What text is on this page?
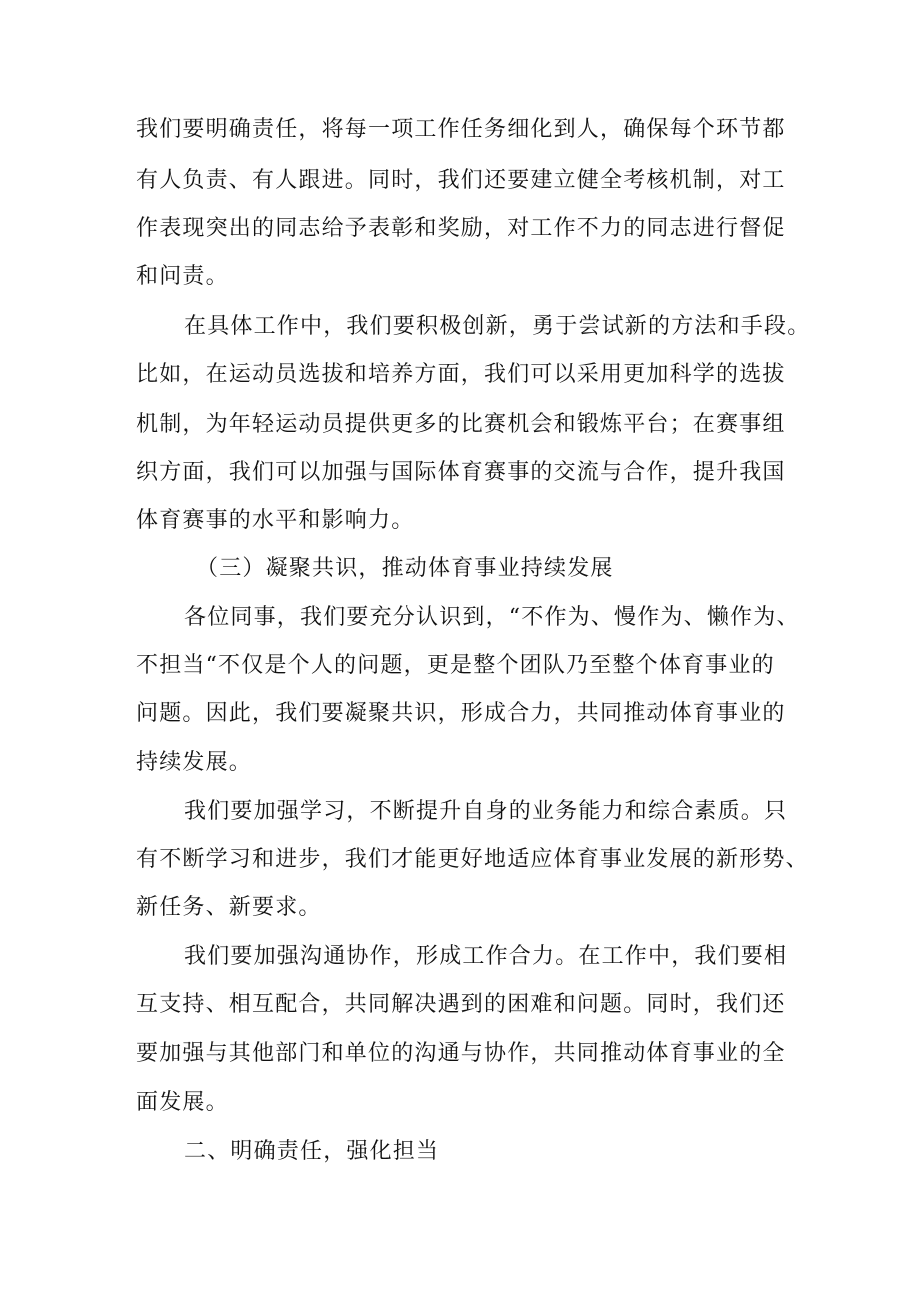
我们要明确责任，将每一项工作任务细化到人，确保每个环节都
有人负责、有人跟进。同时，我们还要建立健全考核机制，对工
作表现突出的同志给予表彰和奖励，对工作不力的同志进行督促
和问责。
在具体工作中，我们要积极创新，勇于尝试新的方法和手段。
比如，在运动员选拔和培养方面，我们可以采用更加科学的选拔
机制，为年轻运动员提供更多的比赛机会和锻炼平台；在赛事组
织方面，我们可以加强与国际体育赛事的交流与合作，提升我国
体育赛事的水平和影响力。
（三）凝聚共识，推动体育事业持续发展
各位同事，我们要充分认识到，“不作为、慢作为、懒作为、
不担当“不仅是个人的问题，更是整个团队乃至整个体育事业的
问题。因此，我们要凝聚共识，形成合力，共同推动体育事业的
持续发展。
我们要加强学习，不断提升自身的业务能力和综合素质。只
有不断学习和进步，我们才能更好地适应体育事业发展的新形势、
新任务、新要求。
我们要加强沟通协作，形成工作合力。在工作中，我们要相
互支持、相互配合，共同解决遇到的困难和问题。同时，我们还
要加强与其他部门和单位的沟通与协作，共同推动体育事业的全
面发展。
二、明确责任，强化担当
